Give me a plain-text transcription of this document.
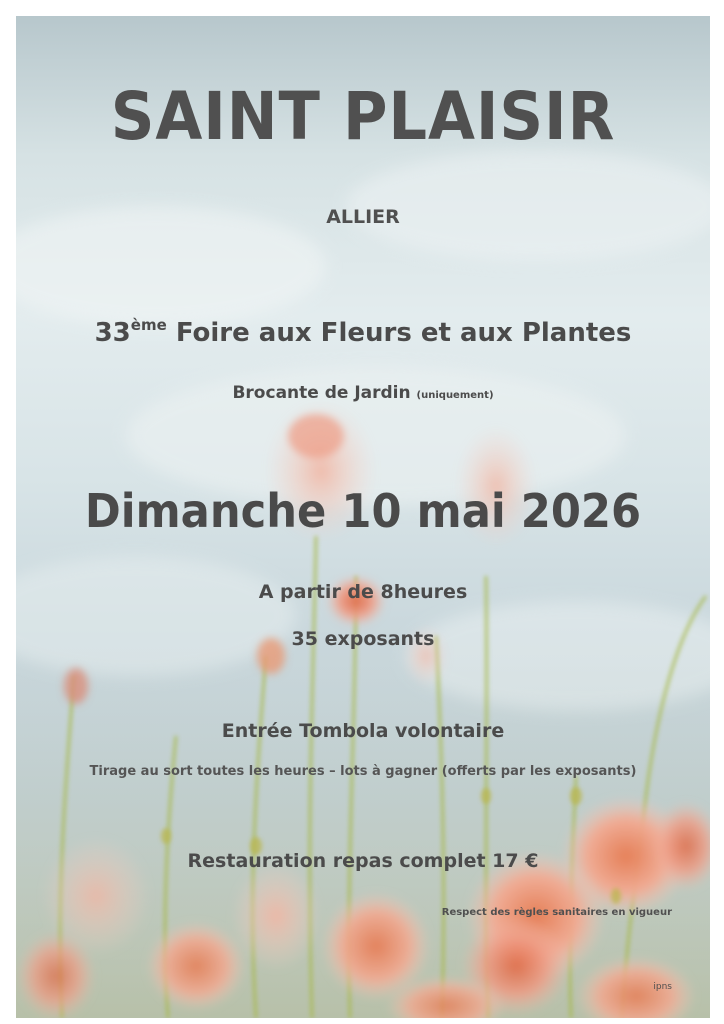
SAINT PLAISIR
ALLIER
33ème Foire aux Fleurs et aux Plantes
Brocante de Jardin (uniquement)
Dimanche 10 mai 2026
A partir de 8heures
35 exposants
Entrée Tombola volontaire
Tirage au sort toutes les heures – lots à gagner (offerts par les exposants)
Restauration repas complet 17 €
Respect des règles sanitaires en vigueur
ipns
